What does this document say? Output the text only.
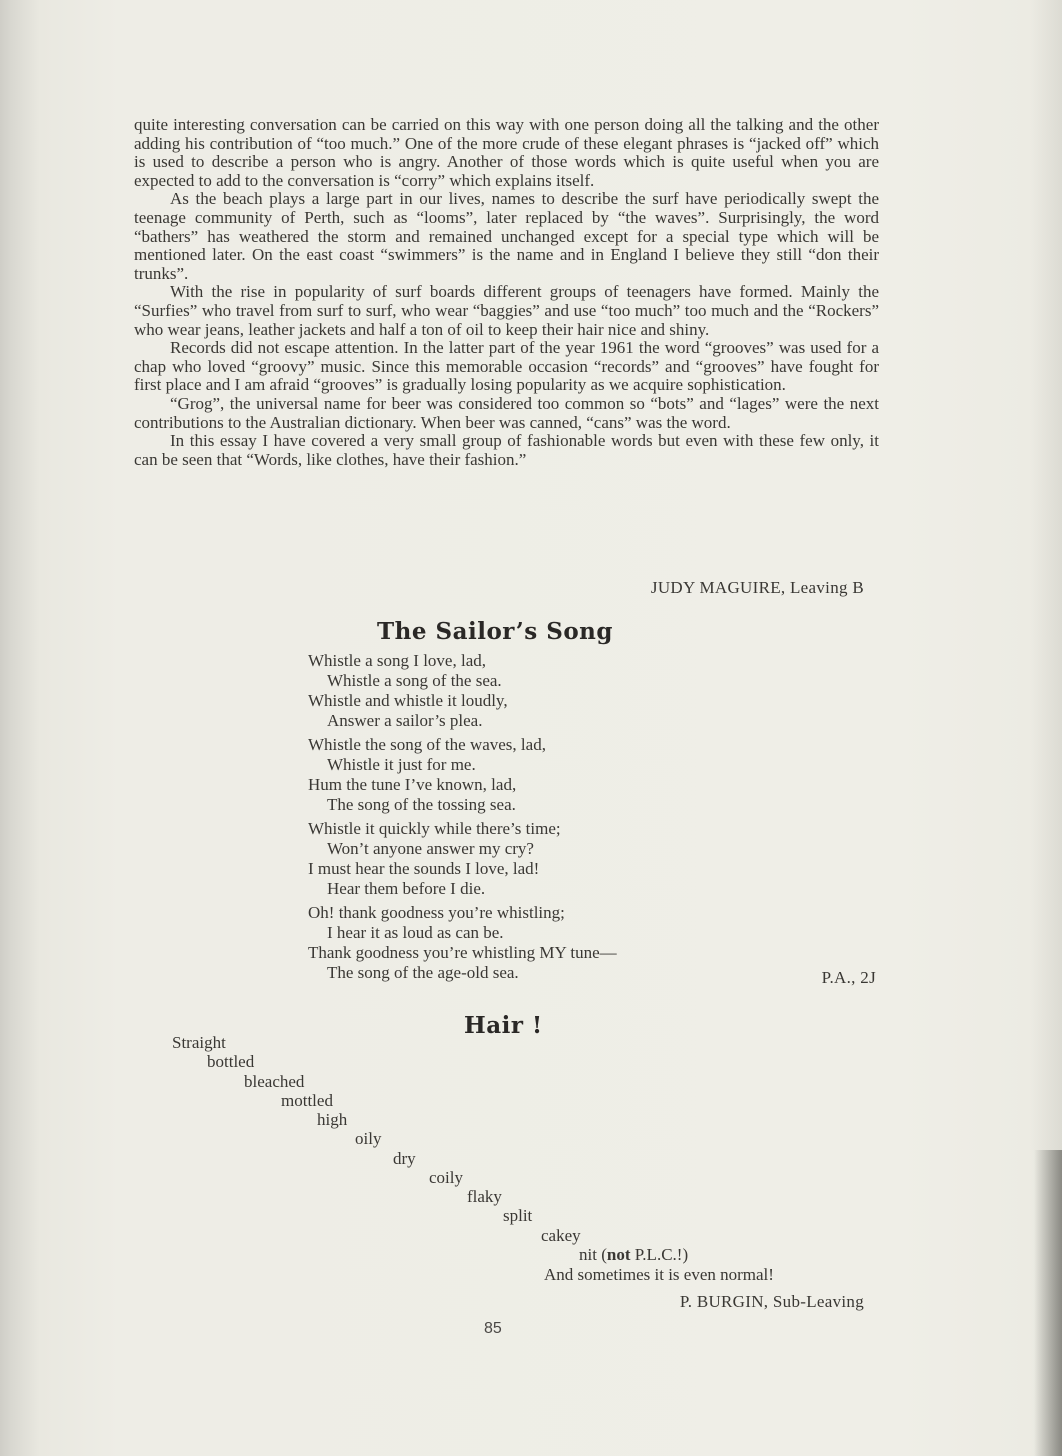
quite interesting conversation can be carried on this way with one person doing all the talking and the other adding his contribution of “too much.” One of the more crude of these elegant phrases is “jacked off” which is used to describe a person who is angry. Another of those words which is quite useful when you are expected to add to the conversation is “corry” which explains itself.

As the beach plays a large part in our lives, names to describe the surf have periodically swept the teenage community of Perth, such as “looms”, later replaced by “the waves”. Surprisingly, the word “bathers” has weathered the storm and remained unchanged except for a special type which will be mentioned later. On the east coast “swimmers” is the name and in England I believe they still “don their trunks”.

With the rise in popularity of surf boards different groups of teenagers have formed. Mainly the “Surfies” who travel from surf to surf, who wear “baggies” and use “too much” too much and the “Rockers” who wear jeans, leather jackets and half a ton of oil to keep their hair nice and shiny.

Records did not escape attention. In the latter part of the year 1961 the word “grooves” was used for a chap who loved “groovy” music. Since this memorable occasion “records” and “grooves” have fought for first place and I am afraid “grooves” is gradually losing popularity as we acquire sophistication.

“Grog”, the universal name for beer was considered too common so “bots” and “lages” were the next contributions to the Australian dictionary. When beer was canned, “cans” was the word.

In this essay I have covered a very small group of fashionable words but even with these few only, it can be seen that “Words, like clothes, have their fashion.”

JUDY MAGUIRE, Leaving B
The Sailor’s Song
Whistle a song I love, lad,
Whistle a song of the sea.
Whistle and whistle it loudly,
Answer a sailor’s plea.
Whistle the song of the waves, lad,
Whistle it just for me.
Hum the tune I’ve known, lad,
The song of the tossing sea.
Whistle it quickly while there’s time;
Won’t anyone answer my cry?
I must hear the sounds I love, lad!
Hear them before I die.
Oh! thank goodness you’re whistling;
I hear it as loud as can be.
Thank goodness you’re whistling MY tune—
The song of the age-old sea.	P.A., 2J
Hair !
Straight
bottled
bleached
mottled
high
oily
dry
coily
flaky
split
cakey
nit (not P.L.C.!)
And sometimes it is even normal!
P. BURGIN, Sub-Leaving
85
